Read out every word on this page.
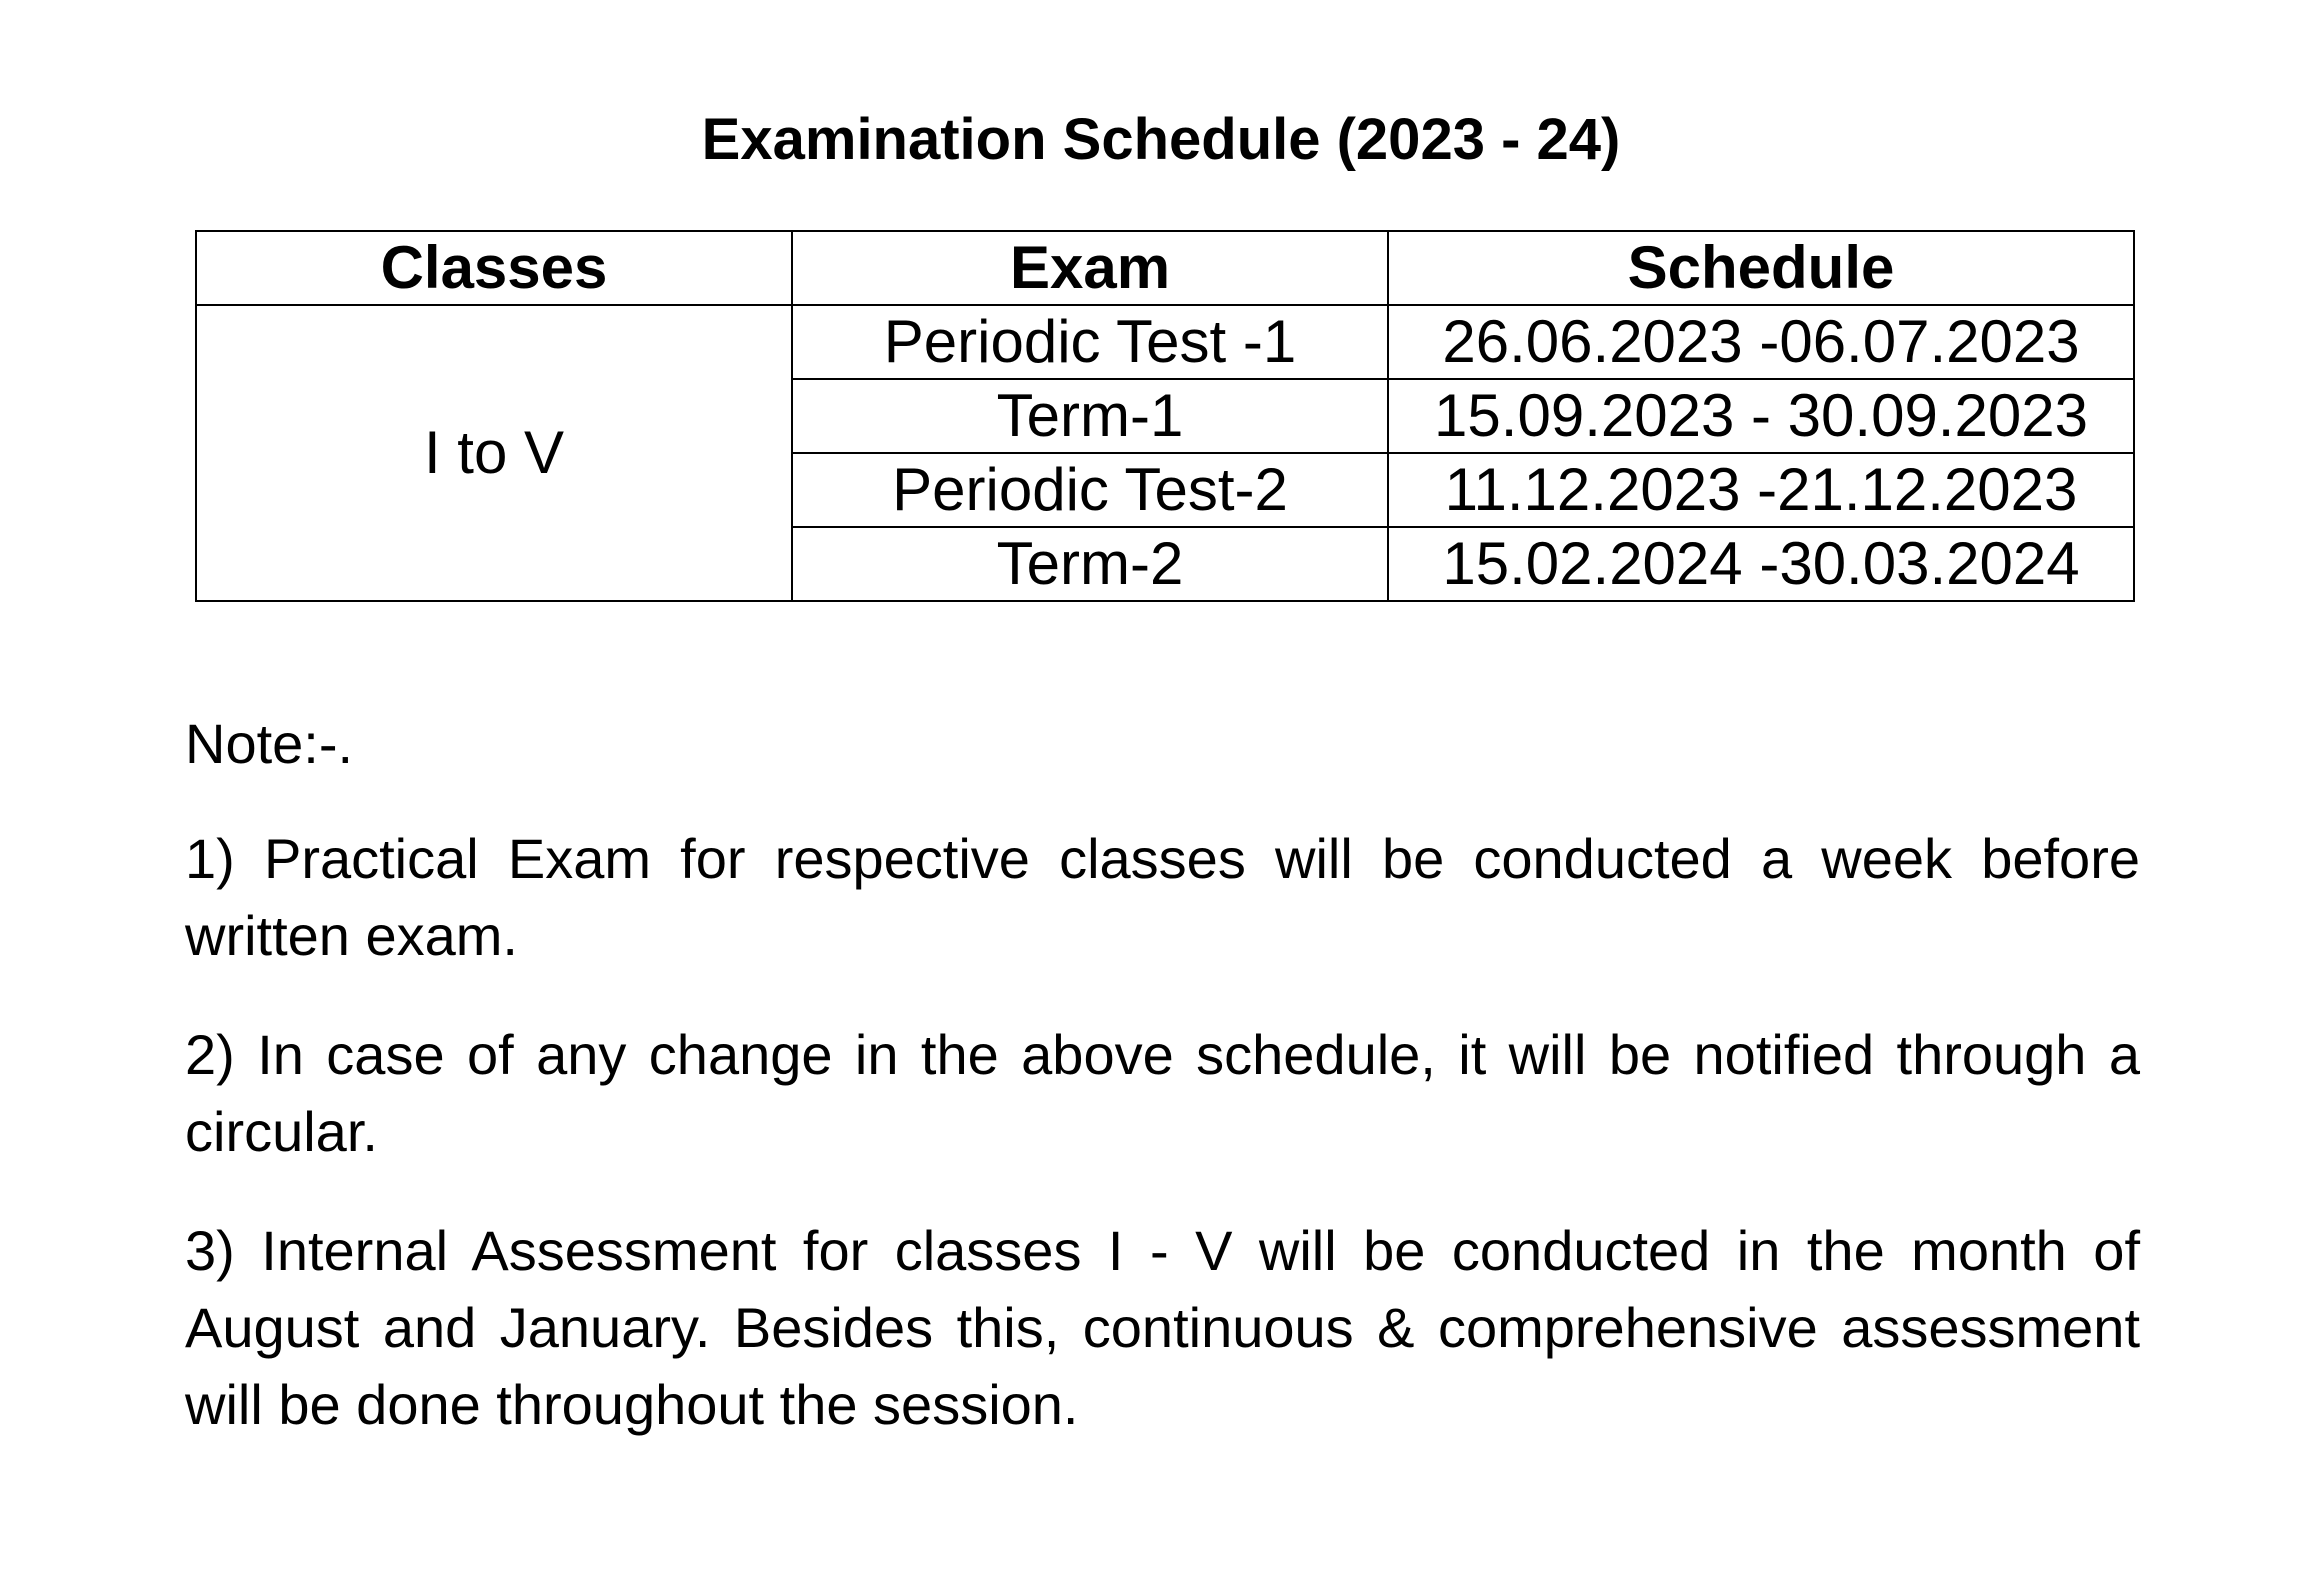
Examination Schedule (2023 - 24)
Classes	Exam	Schedule
I to V	Periodic Test -1	26.06.2023 -06.07.2023
	Term-1	15.09.2023 - 30.09.2023
	Periodic Test-2	11.12.2023 -21.12.2023
	Term-2	15.02.2024 -30.03.2024

Note:-.

1) Practical Exam for respective classes will be conducted a week before written exam.

2) In case of any change in the above schedule, it will be notified through a circular.

3) Internal Assessment for classes I - V will be conducted in the month of August and January. Besides this, continuous & comprehensive assessment will be done throughout the session.
